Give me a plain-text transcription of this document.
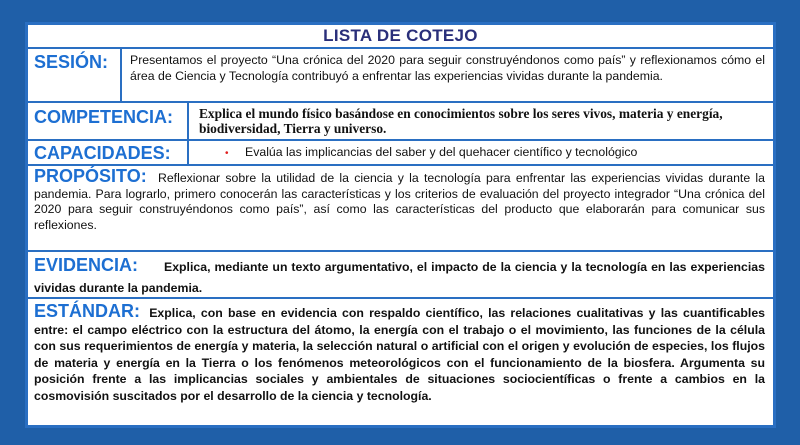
LISTA DE COTEJO
SESIÓN:	Presentamos el proyecto “Una crónica del 2020 para seguir construyéndonos como país” y reflexionamos cómo el área de Ciencia y Tecnología contribuyó a enfrentar las experiencias vividas durante la pandemia.
COMPETENCIA:	Explica el mundo físico basándose en conocimientos sobre los seres vivos, materia y energía, biodiversidad, Tierra y universo.
CAPACIDADES:	• Evalúa las implicancias del saber y del quehacer científico y tecnológico
PROPÓSITO: Reflexionar sobre la utilidad de la ciencia y la tecnología para enfrentar las experiencias vividas durante la pandemia. Para lograrlo, primero conocerán las características y los criterios de evaluación del proyecto integrador “Una crónica del 2020 para seguir construyéndonos como país”, así como las características del producto que elaborarán para comunicar sus reflexiones.
EVIDENCIA: Explica, mediante un texto argumentativo, el impacto de la ciencia y la tecnología en las experiencias vividas durante la pandemia.
ESTÁNDAR: Explica, con base en evidencia con respaldo científico, las relaciones cualitativas y las cuantificables entre: el campo eléctrico con la estructura del átomo, la energía con el trabajo o el movimiento, las funciones de la célula con sus requerimientos de energía y materia, la selección natural o artificial con el origen y evolución de especies, los flujos de materia y energía en la Tierra o los fenómenos meteorológicos con el funcionamiento de la biosfera. Argumenta su posición frente a las implicancias sociales y ambientales de situaciones sociocientíficas o frente a cambios en la cosmovisión suscitados por el desarrollo de la ciencia y tecnología.
